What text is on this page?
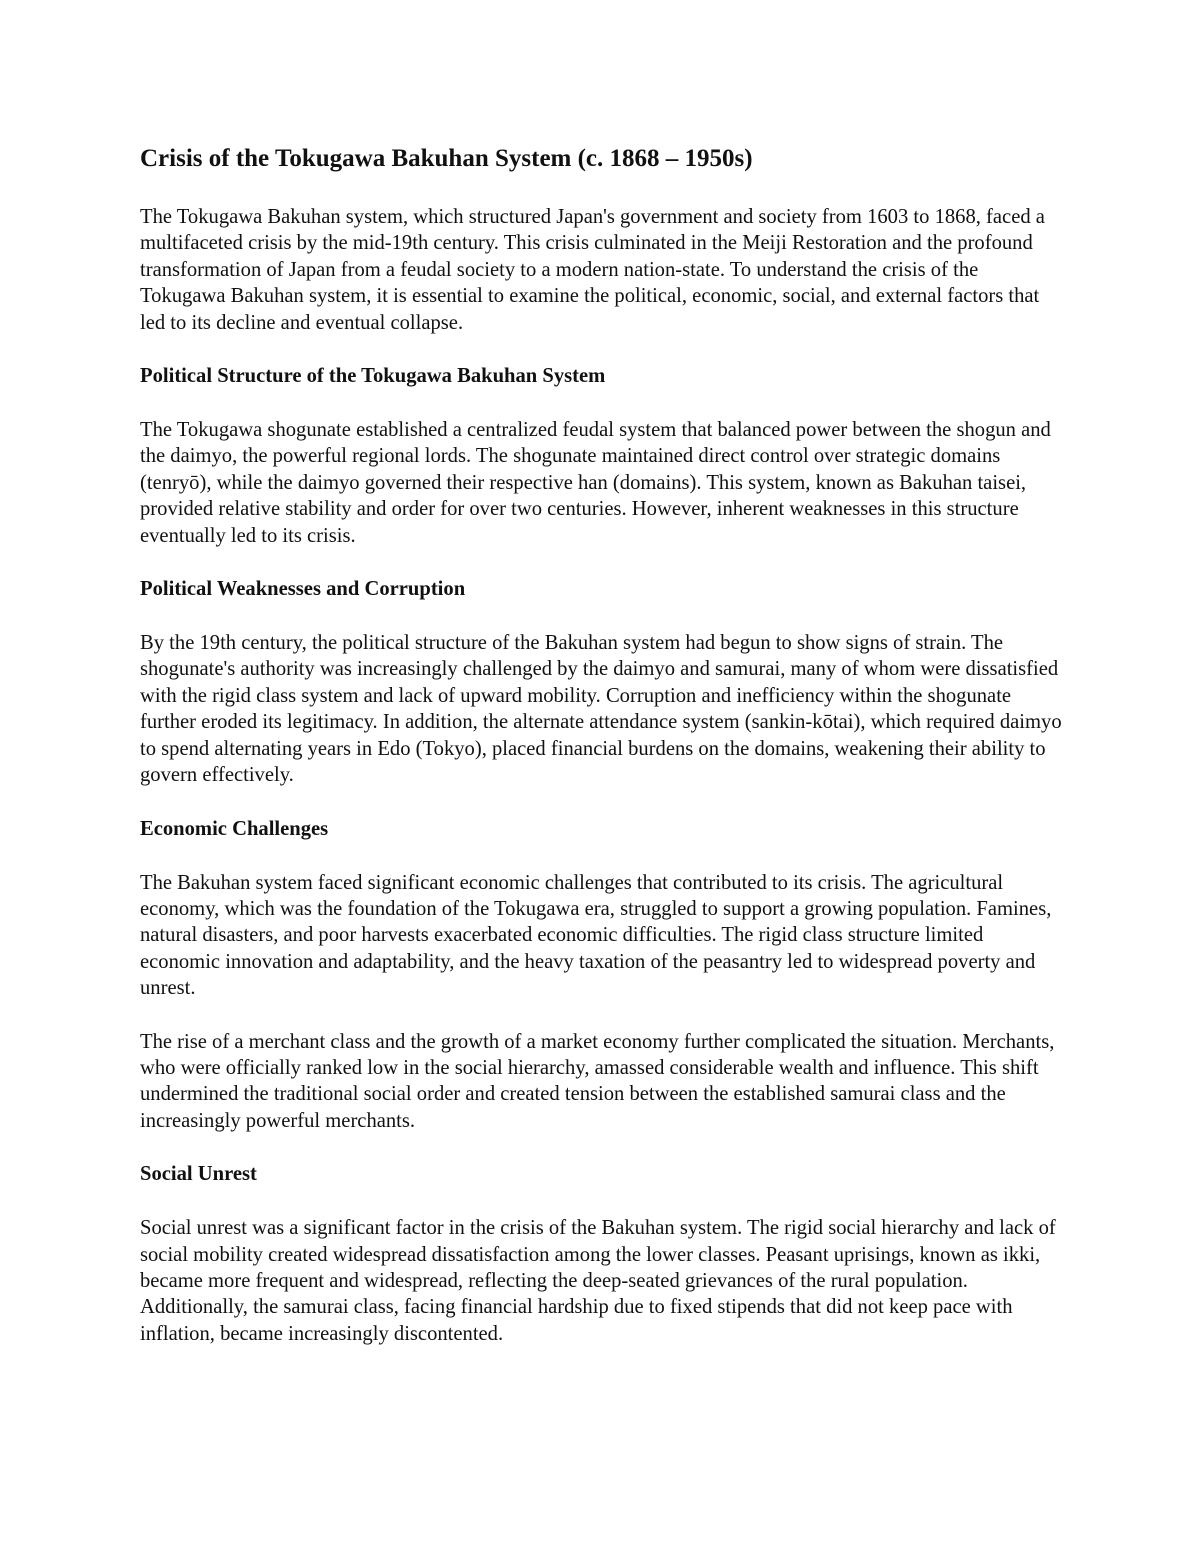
Crisis of the Tokugawa Bakuhan System (c. 1868 – 1950s)

The Tokugawa Bakuhan system, which structured Japan's government and society from 1603 to 1868, faced a multifaceted crisis by the mid-19th century. This crisis culminated in the Meiji Restoration and the profound transformation of Japan from a feudal society to a modern nation-state. To understand the crisis of the Tokugawa Bakuhan system, it is essential to examine the political, economic, social, and external factors that led to its decline and eventual collapse.

Political Structure of the Tokugawa Bakuhan System

The Tokugawa shogunate established a centralized feudal system that balanced power between the shogun and the daimyo, the powerful regional lords. The shogunate maintained direct control over strategic domains (tenryō), while the daimyo governed their respective han (domains). This system, known as Bakuhan taisei, provided relative stability and order for over two centuries. However, inherent weaknesses in this structure eventually led to its crisis.

Political Weaknesses and Corruption

By the 19th century, the political structure of the Bakuhan system had begun to show signs of strain. The shogunate's authority was increasingly challenged by the daimyo and samurai, many of whom were dissatisfied with the rigid class system and lack of upward mobility. Corruption and inefficiency within the shogunate further eroded its legitimacy. In addition, the alternate attendance system (sankin-kōtai), which required daimyo to spend alternating years in Edo (Tokyo), placed financial burdens on the domains, weakening their ability to govern effectively.

Economic Challenges

The Bakuhan system faced significant economic challenges that contributed to its crisis. The agricultural economy, which was the foundation of the Tokugawa era, struggled to support a growing population. Famines, natural disasters, and poor harvests exacerbated economic difficulties. The rigid class structure limited economic innovation and adaptability, and the heavy taxation of the peasantry led to widespread poverty and unrest.

The rise of a merchant class and the growth of a market economy further complicated the situation. Merchants, who were officially ranked low in the social hierarchy, amassed considerable wealth and influence. This shift undermined the traditional social order and created tension between the established samurai class and the increasingly powerful merchants.

Social Unrest

Social unrest was a significant factor in the crisis of the Bakuhan system. The rigid social hierarchy and lack of social mobility created widespread dissatisfaction among the lower classes. Peasant uprisings, known as ikki, became more frequent and widespread, reflecting the deep-seated grievances of the rural population. Additionally, the samurai class, facing financial hardship due to fixed stipends that did not keep pace with inflation, became increasingly discontented.
